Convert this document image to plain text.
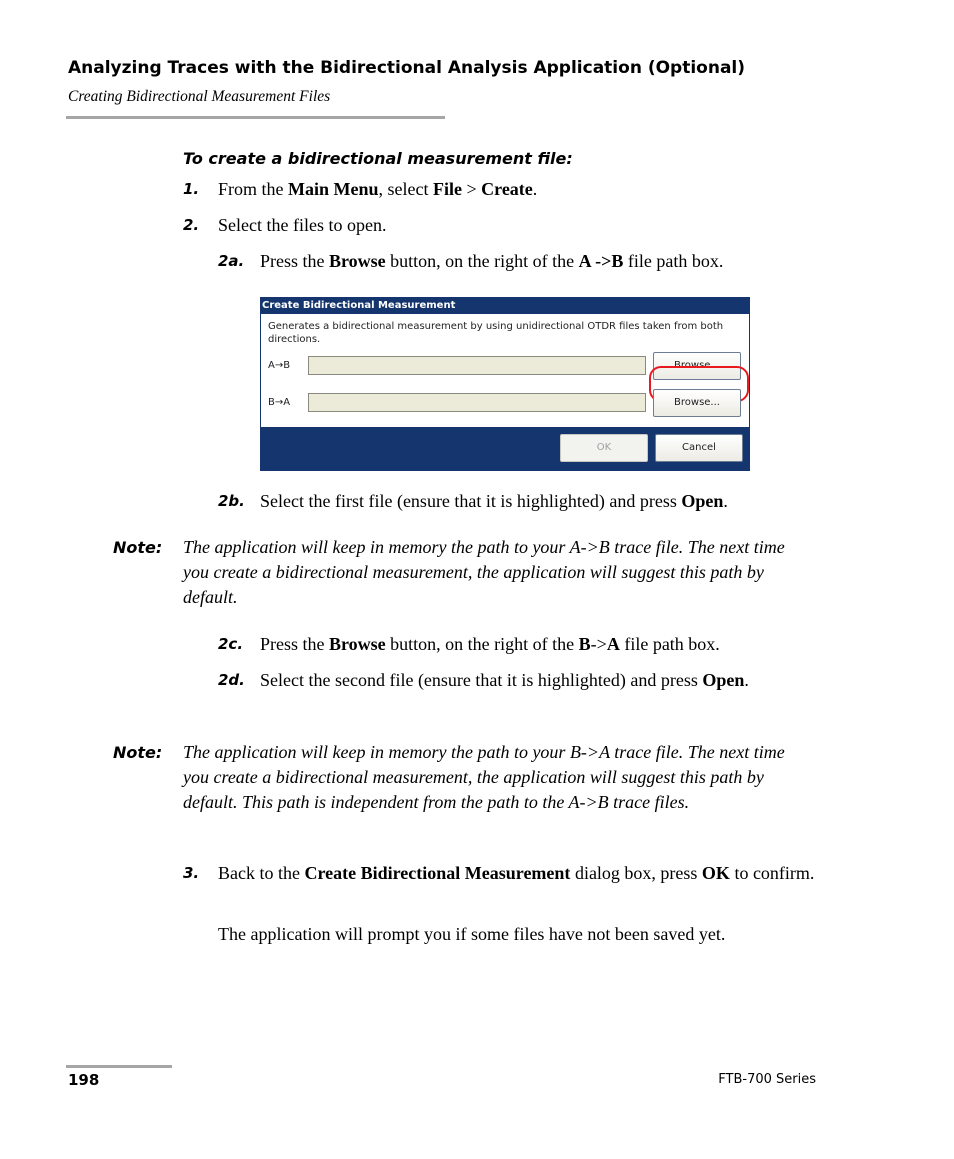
Analyzing Traces with the Bidirectional Analysis Application (Optional)
Creating Bidirectional Measurement Files
To create a bidirectional measurement file:
1. From the Main Menu, select File > Create.
2. Select the files to open.
2a. Press the Browse button, on the right of the A ->B file path box.
Create Bidirectional Measurement
Generates a bidirectional measurement by using unidirectional OTDR files taken from both directions.
A→B	Browse...
B→A	Browse...
OK	Cancel
2b. Select the first file (ensure that it is highlighted) and press Open.
Note: The application will keep in memory the path to your A->B trace file. The next time you create a bidirectional measurement, the application will suggest this path by default.
2c. Press the Browse button, on the right of the B->A file path box.
2d. Select the second file (ensure that it is highlighted) and press Open.
Note: The application will keep in memory the path to your B->A trace file. The next time you create a bidirectional measurement, the application will suggest this path by default. This path is independent from the path to the A->B trace files.
3. Back to the Create Bidirectional Measurement dialog box, press OK to confirm.
The application will prompt you if some files have not been saved yet.
198	FTB-700 Series
